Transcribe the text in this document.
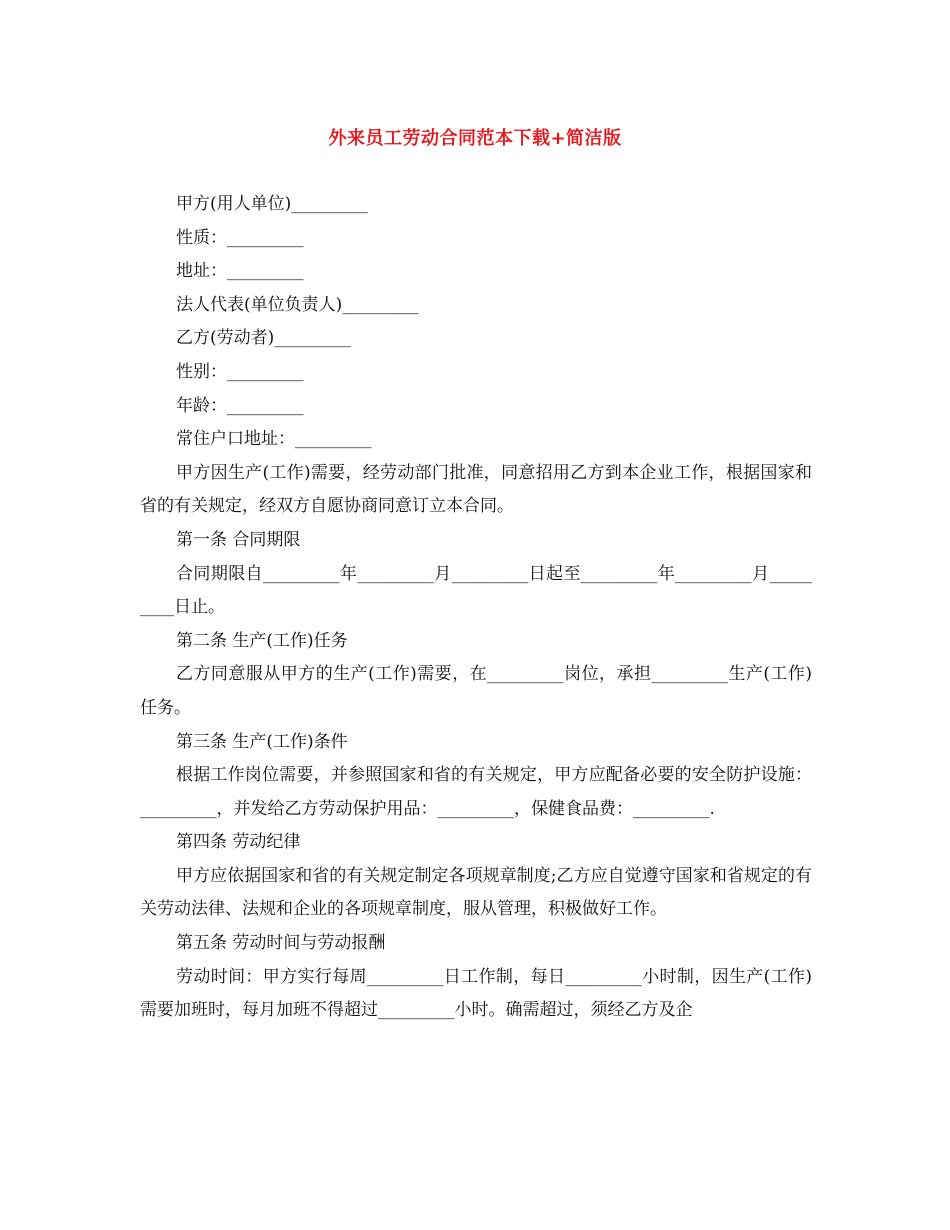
外来员工劳动合同范本下载+简洁版
甲方(用人单位)_________
性质：_________
地址：_________
法人代表(单位负责人)_________
乙方(劳动者)_________
性别：_________
年龄：_________
常住户口地址：_________
甲方因生产(工作)需要，经劳动部门批准，同意招用乙方到本企业工作，根据国家和省的有关规定，经双方自愿协商同意订立本合同。
第一条 合同期限
合同期限自_________年_________月_________日起至_________年_________月_________日止。
第二条 生产(工作)任务
乙方同意服从甲方的生产(工作)需要，在_________岗位，承担_________生产(工作)任务。
第三条 生产(工作)条件
根据工作岗位需要，并参照国家和省的有关规定，甲方应配备必要的安全防护设施：_________，并发给乙方劳动保护用品：_________，保健食品费：_________.
第四条 劳动纪律
甲方应依据国家和省的有关规定制定各项规章制度;乙方应自觉遵守国家和省规定的有关劳动法律、法规和企业的各项规章制度，服从管理，积极做好工作。
第五条 劳动时间与劳动报酬
劳动时间：甲方实行每周_________日工作制，每日_________小时制，因生产(工作)需要加班时，每月加班不得超过_________小时。确需超过，须经乙方及企
